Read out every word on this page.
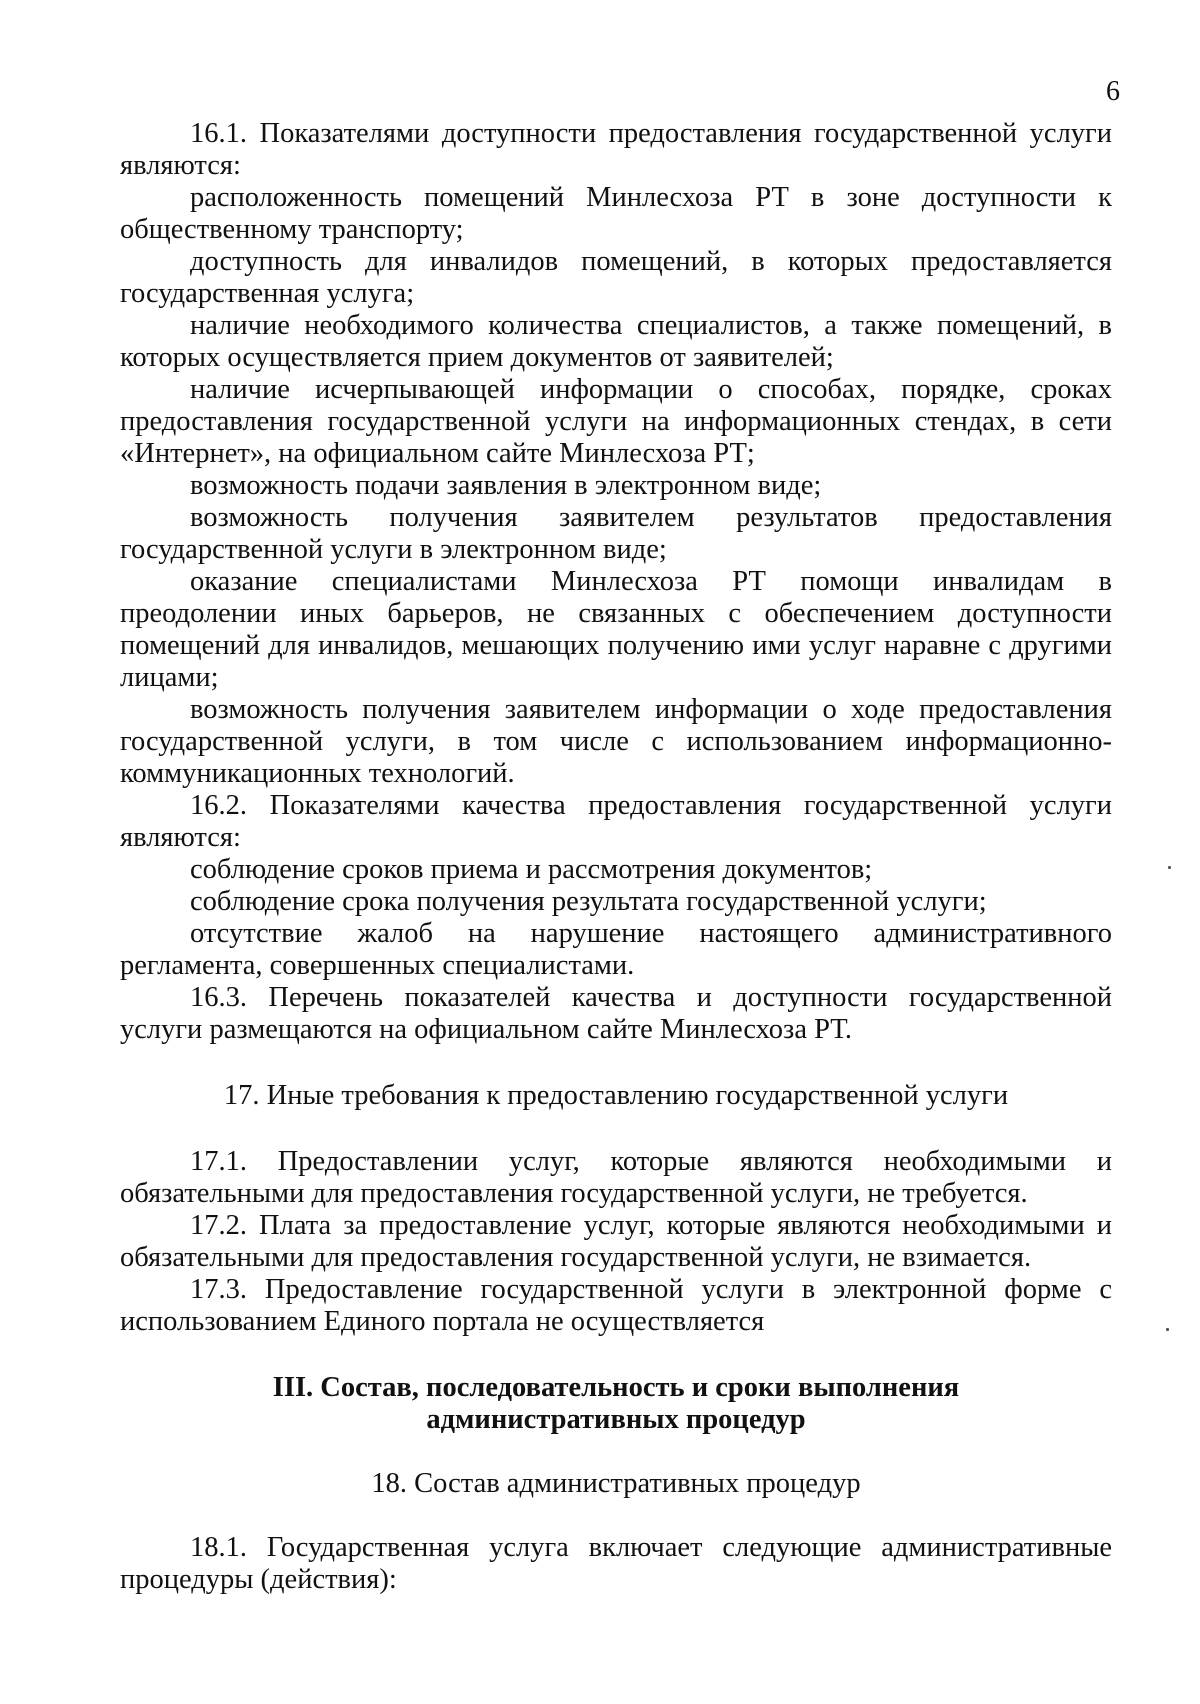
6

16.1. Показателями доступности предоставления государственной услуги являются:

расположенность помещений Минлесхоза РТ в зоне доступности к общественному транспорту;

доступность для инвалидов помещений, в которых предоставляется государственная услуга;

наличие необходимого количества специалистов, а также помещений, в которых осуществляется прием документов от заявителей;

наличие исчерпывающей информации о способах, порядке, сроках предоставления государственной услуги на информационных стендах, в сети «Интернет», на официальном сайте Минлесхоза РТ;

возможность подачи заявления в электронном виде;

возможность получения заявителем результатов предоставления государственной услуги в электронном виде;

оказание специалистами Минлесхоза РТ помощи инвалидам в преодолении иных барьеров, не связанных с обеспечением доступности помещений для инвалидов, мешающих получению ими услуг наравне с другими лицами;

возможность получения заявителем информации о ходе предоставления государственной услуги, в том числе с использованием информационно-коммуникационных технологий.

16.2. Показателями качества предоставления государственной услуги являются:

соблюдение сроков приема и рассмотрения документов;

соблюдение срока получения результата государственной услуги;

отсутствие жалоб на нарушение настоящего административного регламента, совершенных специалистами.

16.3. Перечень показателей качества и доступности государственной услуги размещаются на официальном сайте Минлесхоза РТ.

17. Иные требования к предоставлению государственной услуги

17.1. Предоставлении услуг, которые являются необходимыми и обязательными для предоставления государственной услуги, не требуется.

17.2. Плата за предоставление услуг, которые являются необходимыми и обязательными для предоставления государственной услуги, не взимается.

17.3. Предоставление государственной услуги в электронной форме с использованием Единого портала не осуществляется

III. Состав, последовательность и сроки выполнения
административных процедур

18. Состав административных процедур

18.1. Государственная услуга включает следующие административные процедуры (действия):
